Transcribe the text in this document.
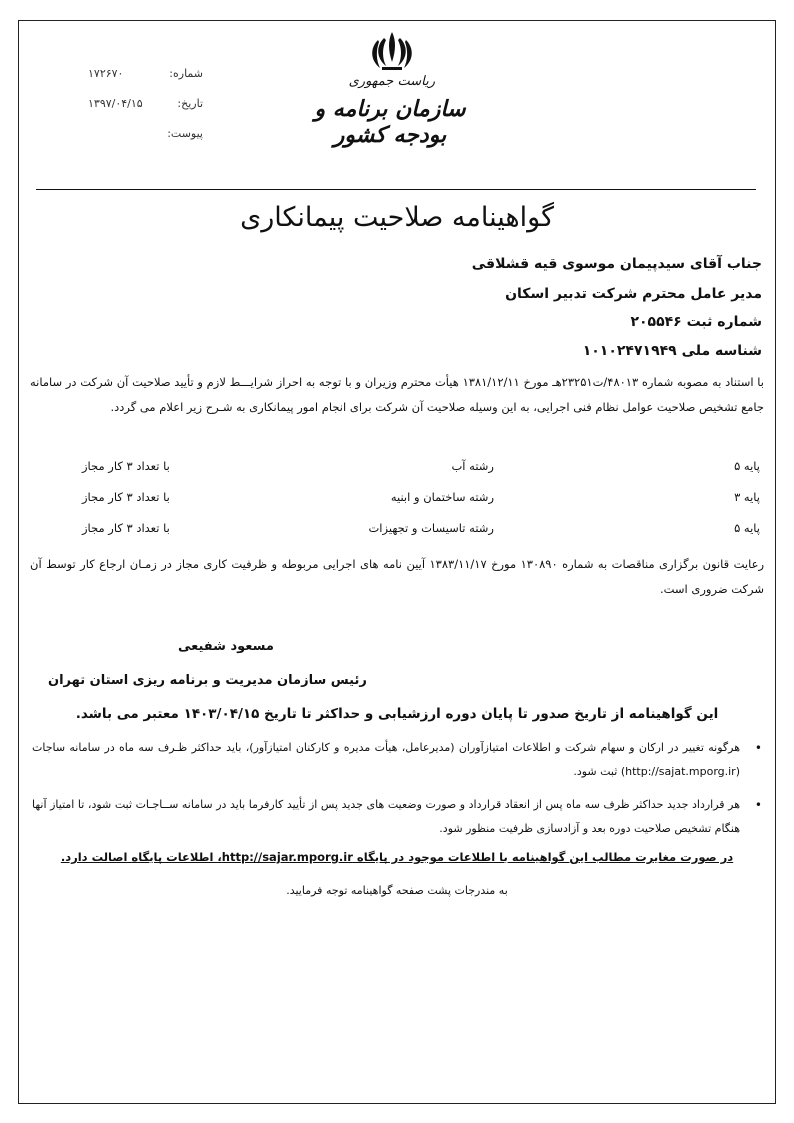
شماره:
۱۷۲۶۷۰
تاریخ:
۱۳۹۷/۰۴/۱۵
پیوست:
ریاست جمهوری
سازمان برنامه و بودجه کشور
گواهینامه صلاحیت پیمانکاری
جناب آقای سیدپیمان موسوی قیه قشلاقی
مدیر عامل محترم شرکت تدبیر اسکان
شماره ثبت ۲۰۵۵۴۶
شناسه ملی ۱۰۱۰۲۴۷۱۹۴۹
با استناد به مصوبه شماره ۴۸۰۱۳/ت۲۳۲۵۱هـ مورخ ۱۳۸۱/۱۲/۱۱ هیأت محترم وزیران و با توجه به احراز شرایـــط لازم و تأیید صلاحیت آن شرکت در سامانه جامع تشخیص صلاحیت عوامل نظام فنی اجرایی، به این وسیله صلاحیت آن شرکت برای انجام امور پیمانکاری به شـرح زیر اعلام می گردد.
پایه ۵
رشته آب
با تعداد ۳ کار مجاز
پایه ۳
رشته ساختمان و ابنیه
با تعداد ۳ کار مجاز
پایه ۵
رشته تاسیسات و تجهیزات
با تعداد ۳ کار مجاز
رعایت قانون برگزاری مناقصات به شماره ۱۳۰۸۹۰ مورخ ۱۳۸۳/۱۱/۱۷ آیین نامه های اجرایی مربوطه و ظرفیت کاری مجاز در زمـان ارجاع کار توسط آن شرکت ضروری است.
مسعود شفیعی
رئیس سازمان مدیریت و برنامه ریزی استان تهران
این گواهینامه از تاریخ صدور تا پایان دوره ارزشیابی و حداکثر تا تاریخ ۱۴۰۳/۰۴/۱۵ معتبر می باشد.
•
هرگونه تغییر در ارکان و سهام شرکت و اطلاعات امتیازآوران (مدیرعامل، هیأت مدیره و کارکنان امتیازآور)، باید حداکثر ظـرف سه ماه در سامانه ساجات (http://sajat.mporg.ir) ثبت شود.
•
هر قرارداد جدید حداکثر ظرف سه ماه پس از انعقاد قرارداد و صورت وضعیت های جدید پس از تأیید کارفرما باید در سامانه ســاجـات ثبت شود، تا امتیاز آنها هنگام تشخیص صلاحیت دوره بعد و آزادسازی ظرفیت منظور شود.
در صورت مغایرت مطالب این گواهینامه با اطلاعات موجود در پایگاه http://sajar.mporg.ir، اطلاعات پایگاه اصالت دارد.
به مندرجات پشت صفحه گواهینامه توجه فرمایید.
